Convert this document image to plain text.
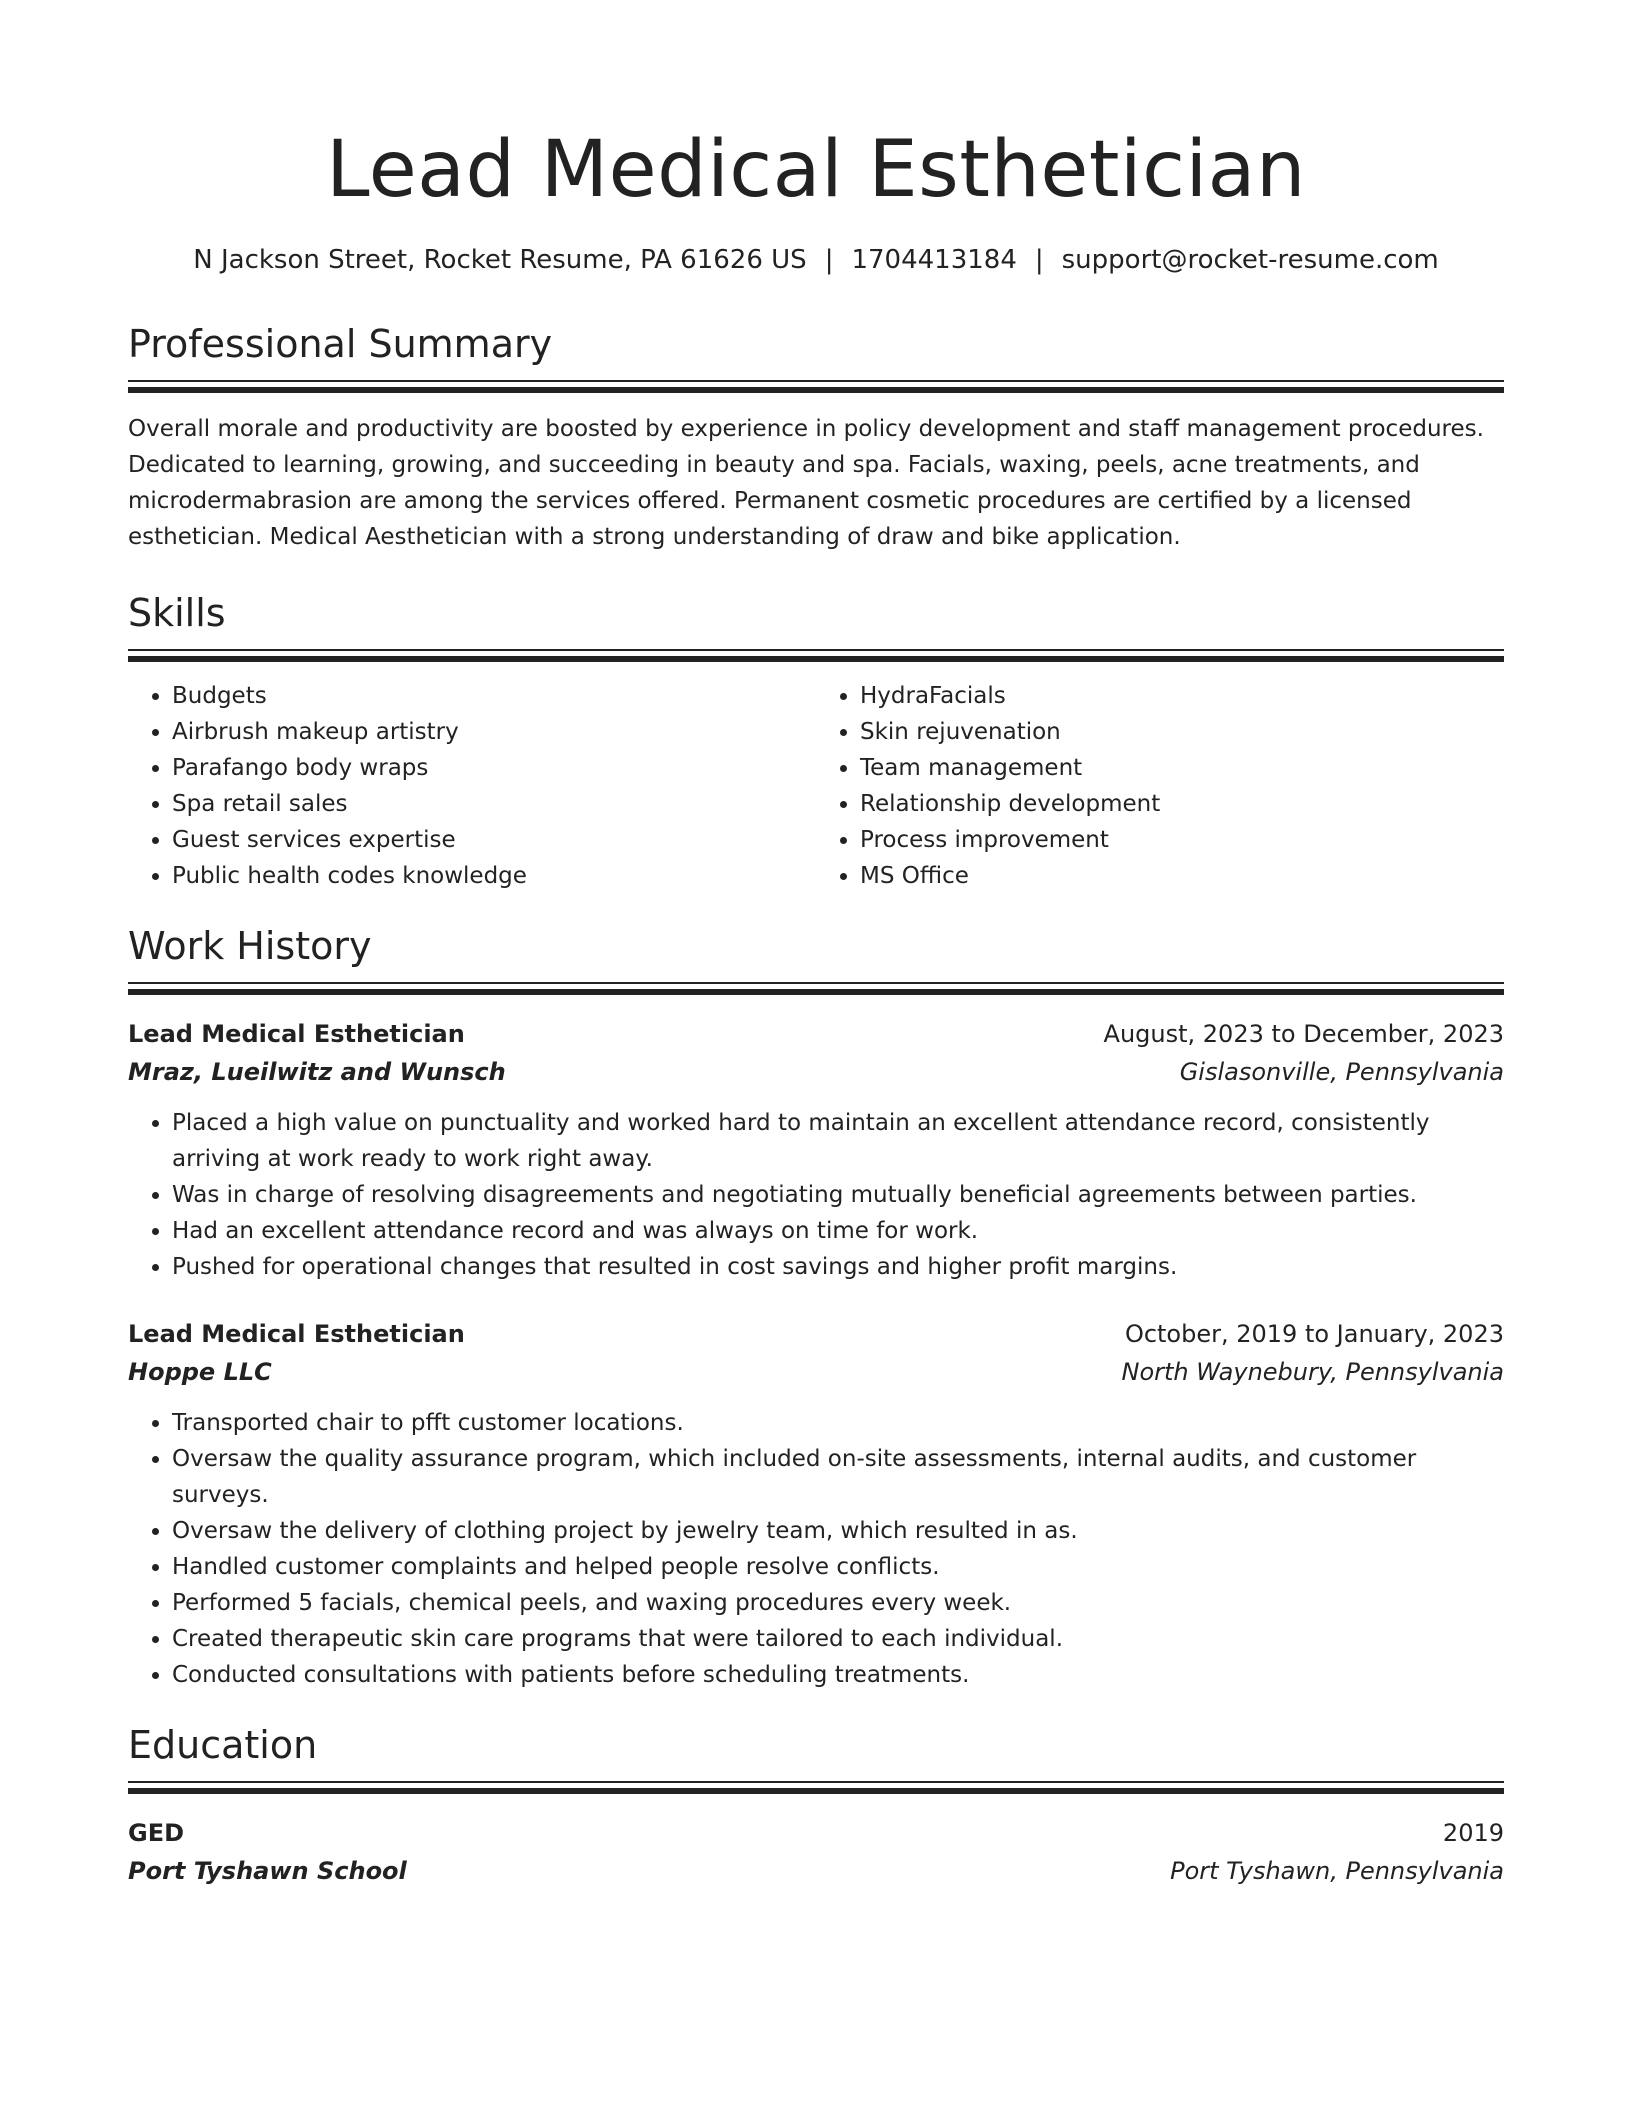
Lead Medical Esthetician
N Jackson Street, Rocket Resume, PA 61626 US | 1704413184 | support@rocket-resume.com
Professional Summary
Overall morale and productivity are boosted by experience in policy development and staff management procedures. Dedicated to learning, growing, and succeeding in beauty and spa. Facials, waxing, peels, acne treatments, and microdermabrasion are among the services offered. Permanent cosmetic procedures are certified by a licensed esthetician. Medical Aesthetician with a strong understanding of draw and bike application.
Skills
• Budgets
• Airbrush makeup artistry
• Parafango body wraps
• Spa retail sales
• Guest services expertise
• Public health codes knowledge
• HydraFacials
• Skin rejuvenation
• Team management
• Relationship development
• Process improvement
• MS Office
Work History
Lead Medical Esthetician	August, 2023 to December, 2023
Mraz, Lueilwitz and Wunsch	Gislasonville, Pennsylvania
• Placed a high value on punctuality and worked hard to maintain an excellent attendance record, consistently arriving at work ready to work right away.
• Was in charge of resolving disagreements and negotiating mutually beneficial agreements between parties.
• Had an excellent attendance record and was always on time for work.
• Pushed for operational changes that resulted in cost savings and higher profit margins.
Lead Medical Esthetician	October, 2019 to January, 2023
Hoppe LLC	North Waynebury, Pennsylvania
• Transported chair to pfft customer locations.
• Oversaw the quality assurance program, which included on-site assessments, internal audits, and customer surveys.
• Oversaw the delivery of clothing project by jewelry team, which resulted in as.
• Handled customer complaints and helped people resolve conflicts.
• Performed 5 facials, chemical peels, and waxing procedures every week.
• Created therapeutic skin care programs that were tailored to each individual.
• Conducted consultations with patients before scheduling treatments.
Education
GED	2019
Port Tyshawn School	Port Tyshawn, Pennsylvania
